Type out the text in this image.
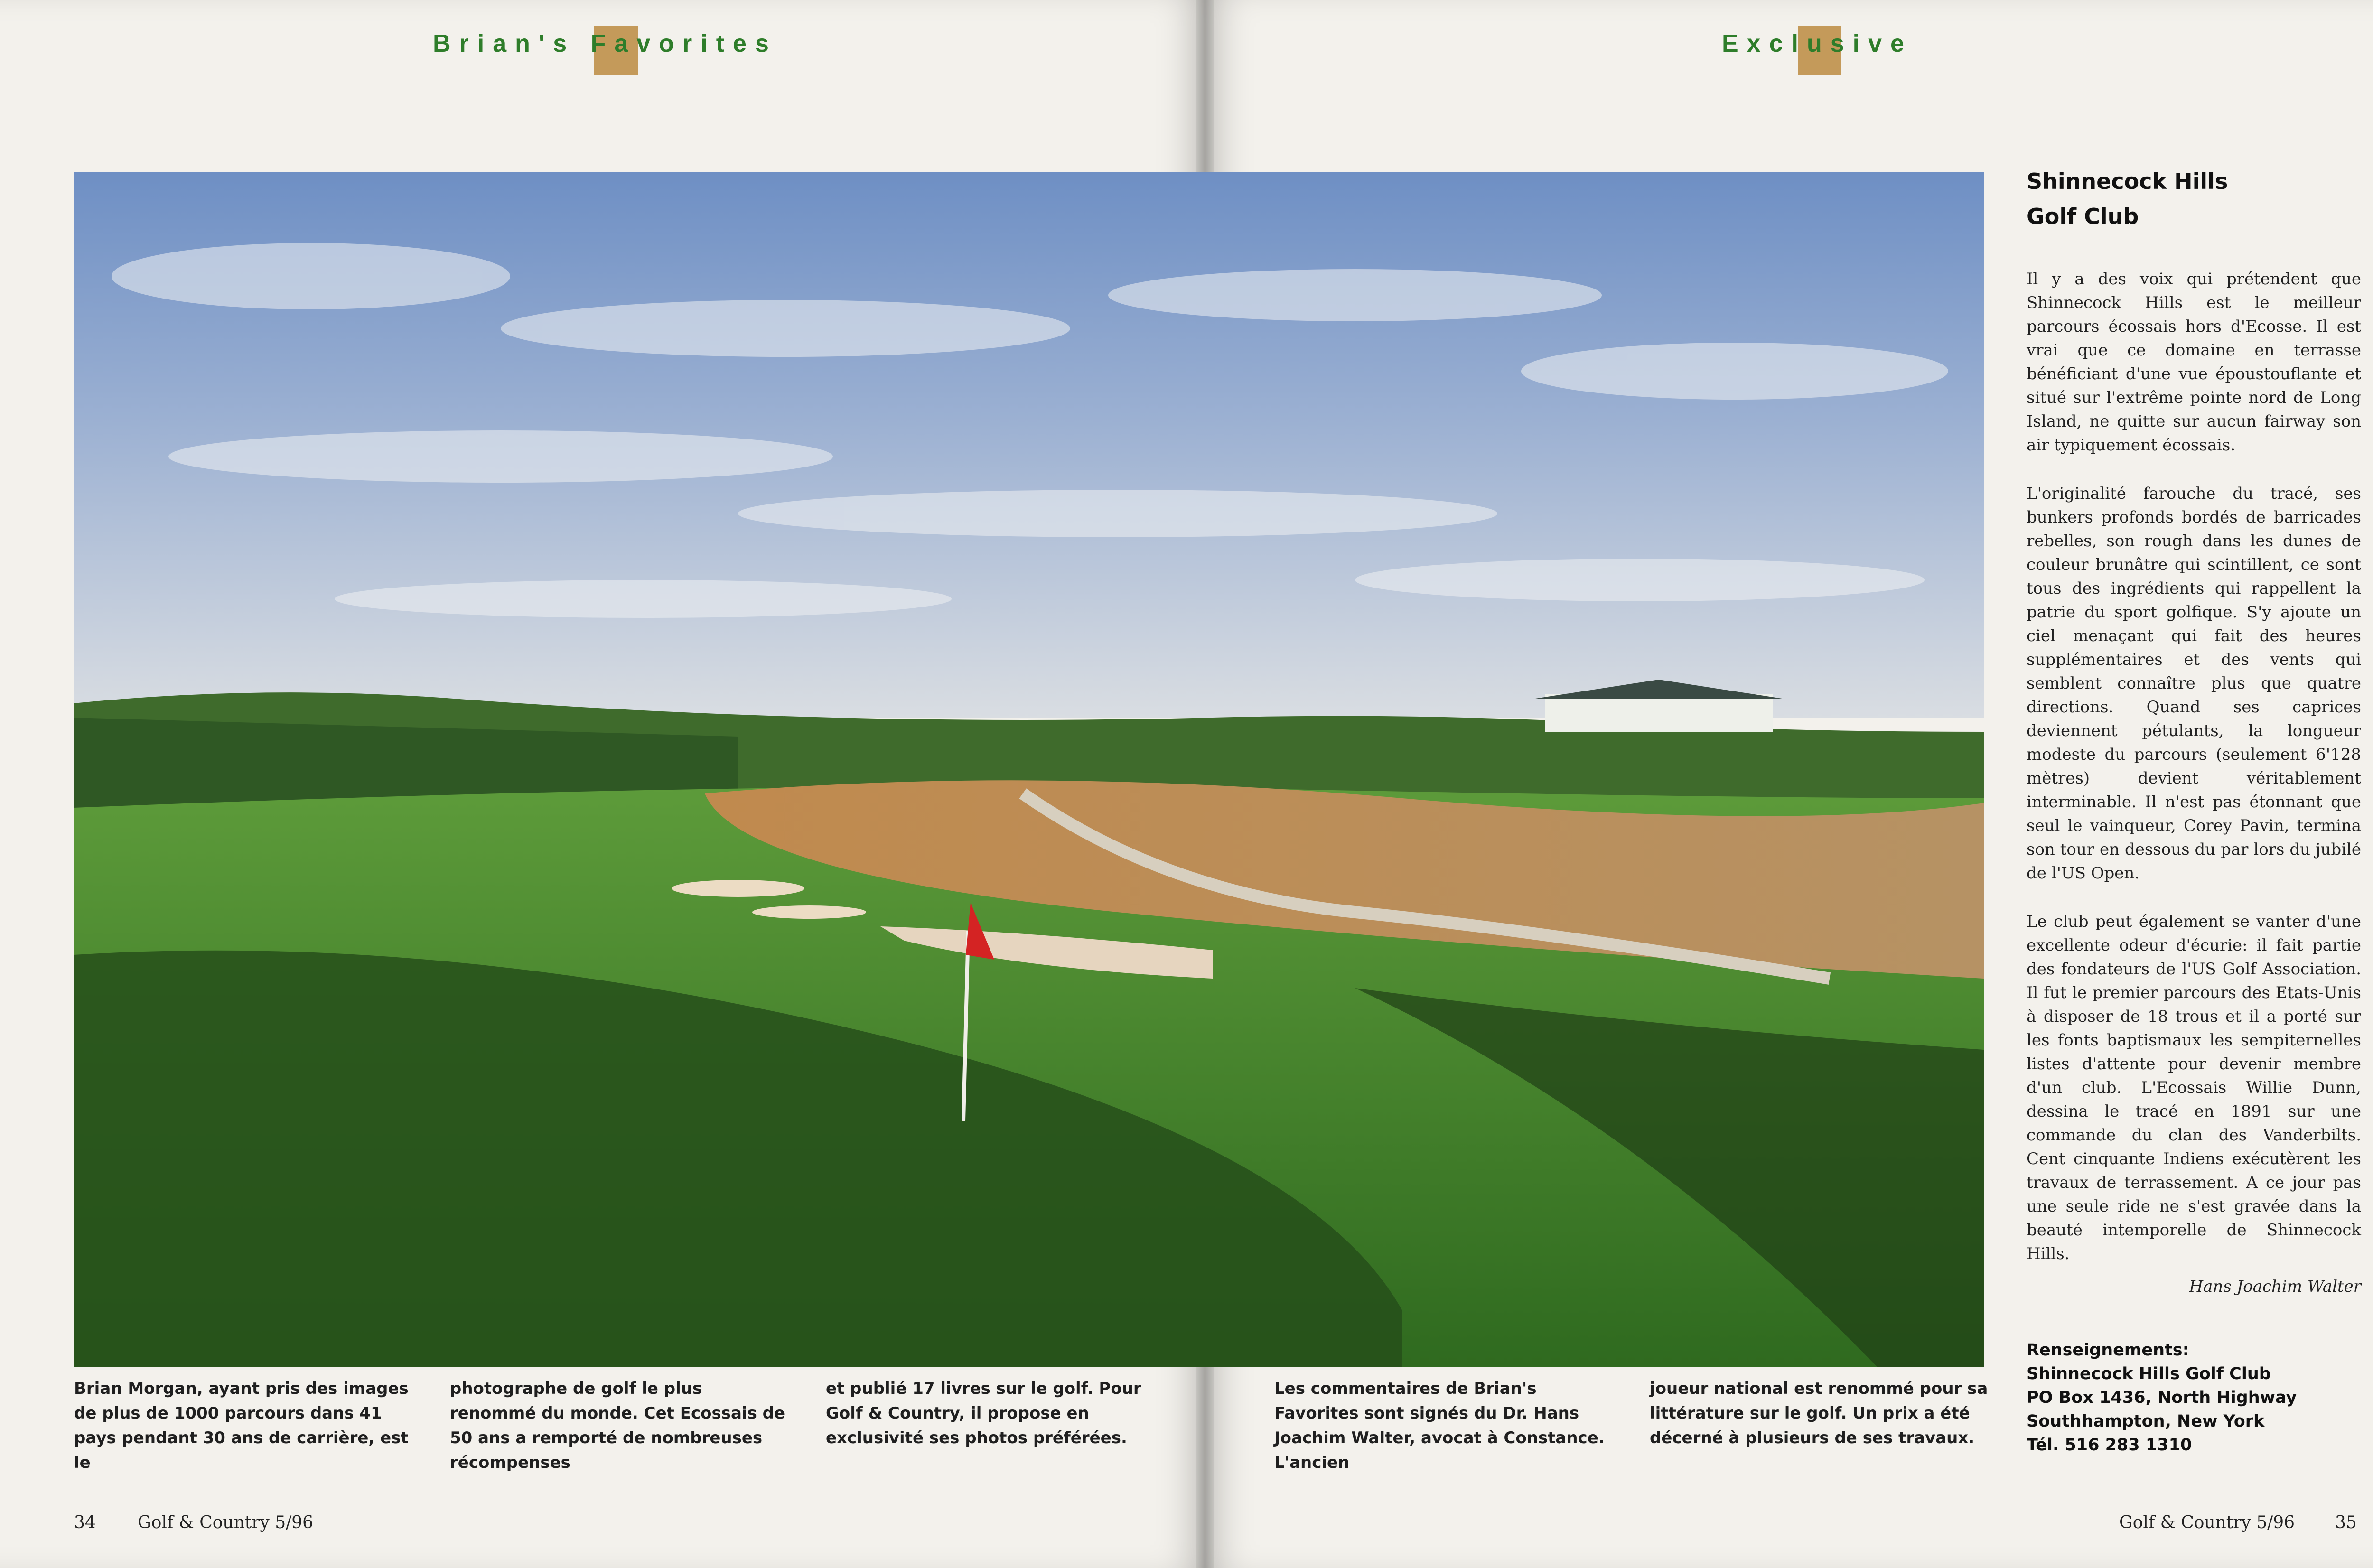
Brian's Favorites	Exclusive
Brian Morgan, ayant pris des images de plus de 1000 parcours dans 41 pays pendant 30 ans de carrière, est le
photographe de golf le plus renommé du monde. Cet Ecossais de 50 ans a remporté de nombreuses récompenses
et publié 17 livres sur le golf. Pour Golf & Country, il propose en exclusivité ses photos préférées.
Les commentaires de Brian's Favorites sont signés du Dr. Hans Joachim Walter, avocat à Constance. L'ancien
joueur national est renommé pour sa littérature sur le golf. Un prix a été décerné à plusieurs de ses travaux.
Shinnecock Hills
Golf Club

Il y a des voix qui prétendent que Shinnecock Hills est le meilleur parcours écossais hors d'Ecosse. Il est vrai que ce domaine en terrasse bénéficiant d'une vue époustouflante et situé sur l'extrême pointe nord de Long Island, ne quitte sur aucun fairway son air typiquement écossais.

L'originalité farouche du tracé, ses bunkers profonds bordés de barricades rebelles, son rough dans les dunes de couleur brunâtre qui scintillent, ce sont tous des ingrédients qui rappellent la patrie du sport golfique. S'y ajoute un ciel menaçant qui fait des heures supplémentaires et des vents qui semblent connaître plus que quatre directions. Quand ses caprices deviennent pétulants, la longueur modeste du parcours (seulement 6'128 mètres) devient véritablement interminable. Il n'est pas étonnant que seul le vainqueur, Corey Pavin, termina son tour en dessous du par lors du jubilé de l'US Open.

Le club peut également se vanter d'une excellente odeur d'écurie: il fait partie des fondateurs de l'US Golf Association. Il fut le premier parcours des Etats-Unis à disposer de 18 trous et il a porté sur les fonts baptismaux les sempiternelles listes d'attente pour devenir membre d'un club. L'Ecossais Willie Dunn, dessina le tracé en 1891 sur une commande du clan des Vanderbilts. Cent cinquante Indiens exécutèrent les travaux de terrassement. A ce jour pas une seule ride ne s'est gravée dans la beauté intemporelle de Shinnecock Hills.

Hans Joachim Walter
Renseignements:
Shinnecock Hills Golf Club
PO Box 1436, North Highway
Southhampton, New York
Tél. 516 283 1310
34 Golf & Country 5/96	Golf & Country 5/96 35
